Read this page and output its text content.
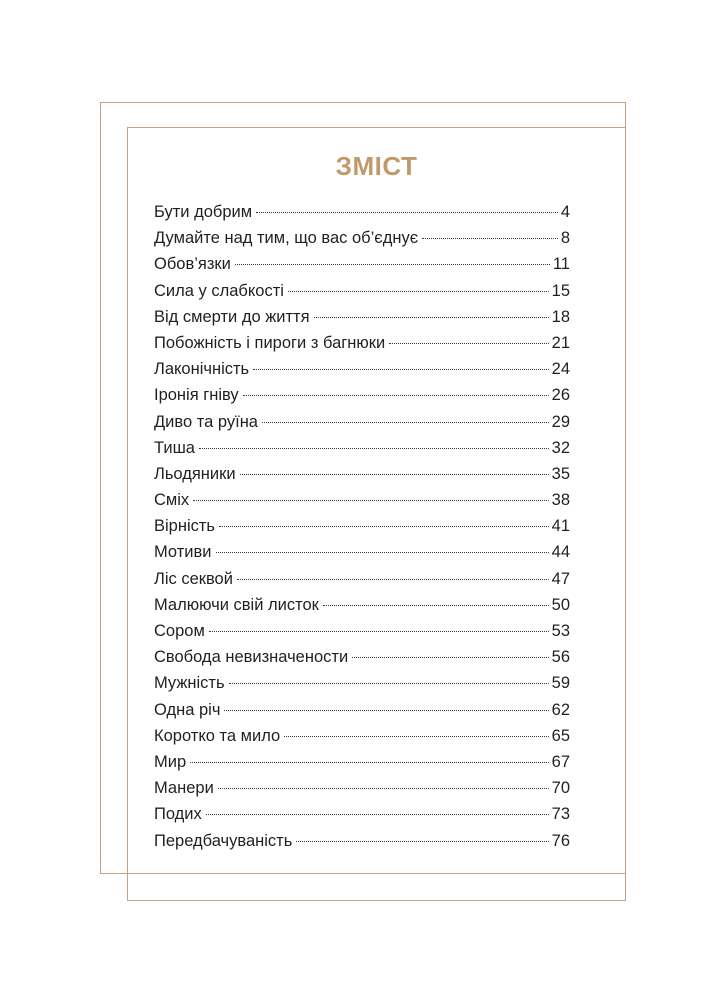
ЗМІСТ
Бути добрим	4
Думайте над тим, що вас об’єднує	8
Обов’язки	11
Сила у слабкості	15
Від смерти до життя	18
Побожність і пироги з багнюки	21
Лаконічність	24
Іронія гніву	26
Диво та руїна	29
Тиша	32
Льодяники	35
Сміх	38
Вірність	41
Мотиви	44
Ліс секвой	47
Малюючи свій листок	50
Сором	53
Свобода невизначености	56
Мужність	59
Одна річ	62
Коротко та мило	65
Мир	67
Манери	70
Подих	73
Передбачуваність	76
